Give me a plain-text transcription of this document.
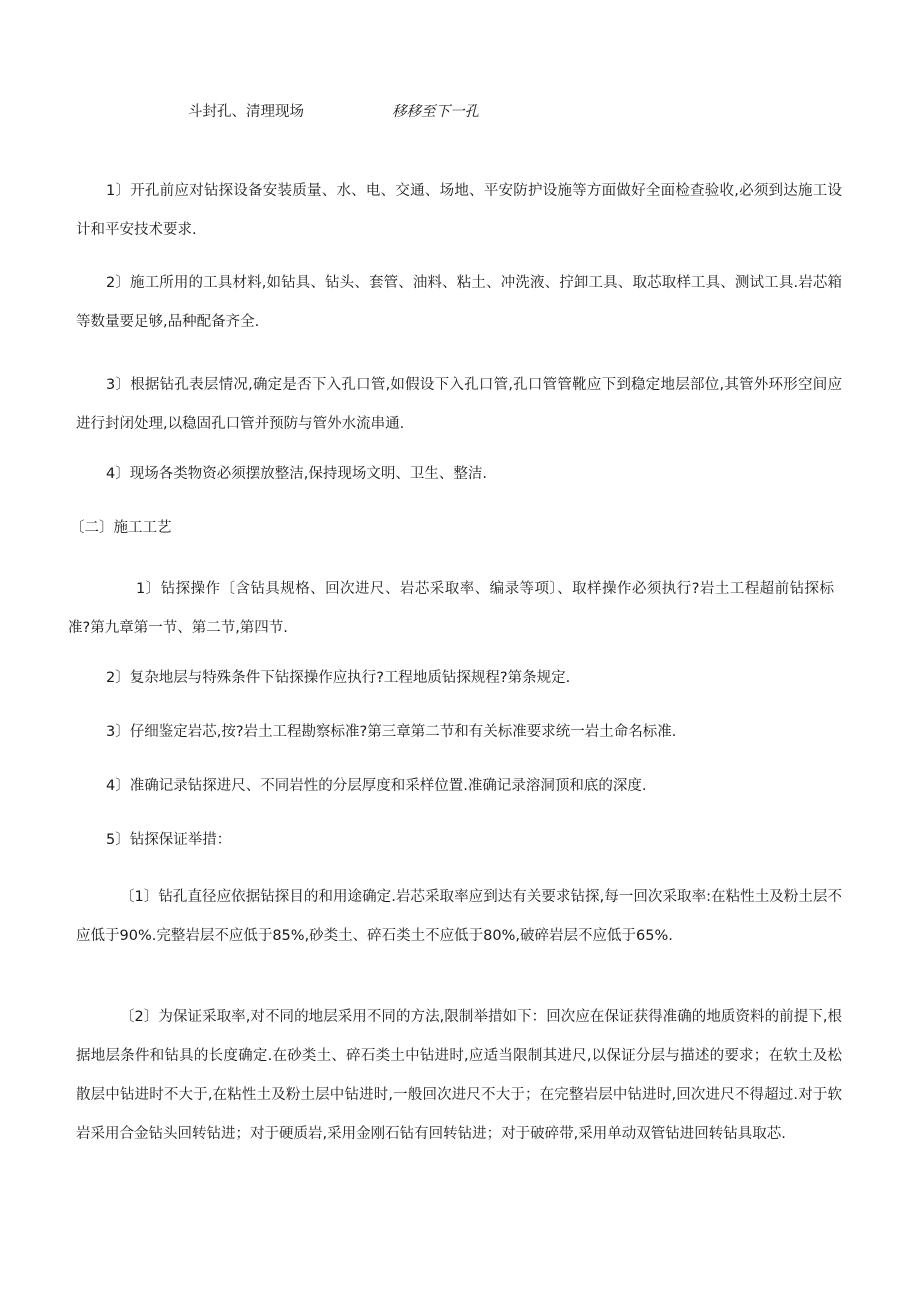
斗封孔、清理现场	移移至下一孔
1〕开孔前应对钻探设备安装质量、水、电、交通、场地、平安防护设施等方面做好全面检查验收,必须到达施工设计和平安技术要求.
2〕施工所用的工具材料,如钻具、钻头、套管、油料、粘土、冲洗液、拧卸工具、取芯取样工具、测试工具.岩芯箱等数量要足够,品种配备齐全.
3〕根据钻孔表层情况,确定是否下入孔口管,如假设下入孔口管,孔口管管靴应下到稳定地层部位,其管外环形空间应进行封闭处理,以稳固孔口管并预防与管外水流串通.
4〕现场各类物资必须摆放整洁,保持现场文明、卫生、整洁.
〔二〕施工工艺
1〕钻探操作〔含钻具规格、回次进尺、岩芯采取率、编录等项〕、取样操作必须执行?岩土工程超前钻探标准?第九章第一节、第二节,第四节.
2〕复杂地层与特殊条件下钻探操作应执行?工程地质钻探规程?第条规定.
3〕仔细鉴定岩芯,按?岩土工程勘察标准?第三章第二节和有关标准要求统一岩土命名标准.
4〕准确记录钻探进尺、不同岩性的分层厚度和采样位置.准确记录溶洞顶和底的深度.
5〕钻探保证举措：
〔1〕钻孔直径应依据钻探目的和用途确定.岩芯采取率应到达有关要求钻探,每一回次采取率:在粘性土及粉土层不应低于90%.完整岩层不应低于85%,砂类土、碎石类土不应低于80%,破碎岩层不应低于65%.
〔2〕为保证采取率,对不同的地层采用不同的方法,限制举措如下：回次应在保证获得准确的地质资料的前提下,根据地层条件和钻具的长度确定.在砂类土、碎石类土中钻进时,应适当限制其进尺,以保证分层与描述的要求；在软土及松散层中钻进时不大于,在粘性土及粉土层中钻进时,一般回次进尺不大于；在完整岩层中钻进时,回次进尺不得超过.对于软岩采用合金钻头回转钻进；对于硬质岩,采用金刚石钻有回转钻进；对于破碎带,采用单动双管钻进回转钻具取芯.
